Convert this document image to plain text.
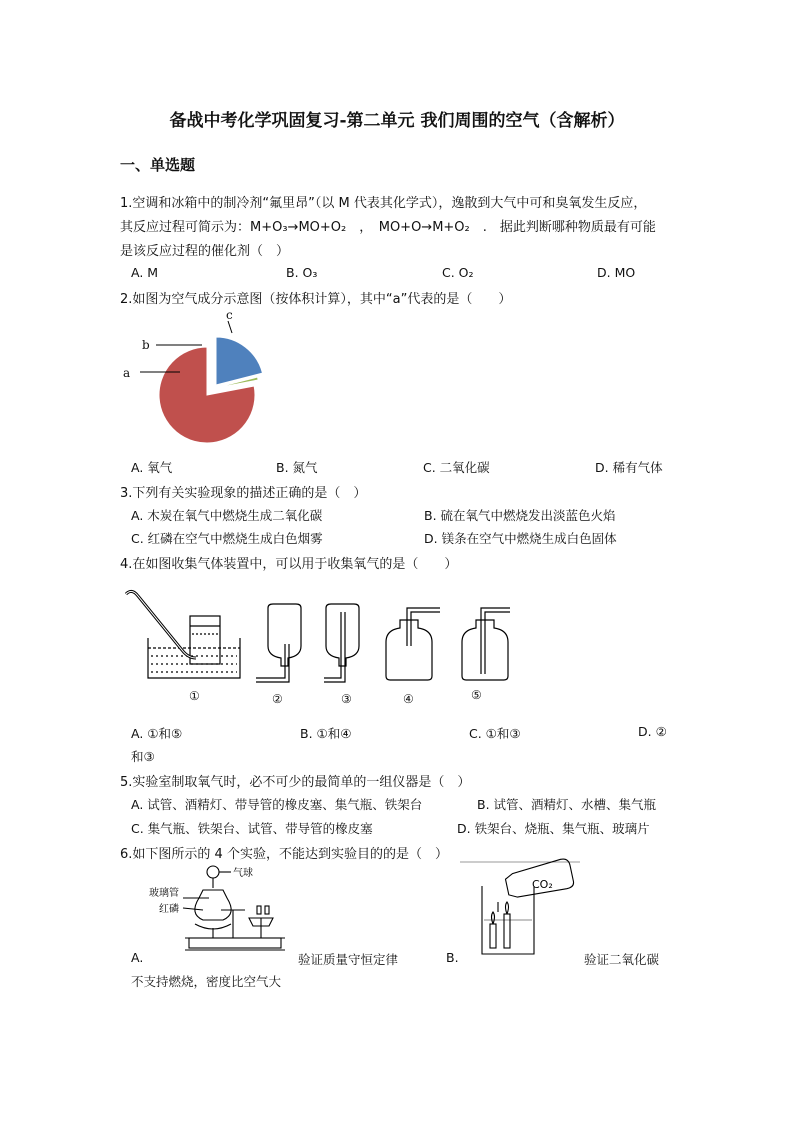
备战中考化学巩固复习-第二单元 我们周围的空气（含解析）
一、单选题
1.空调和冰箱中的制冷剂“氟里昂”（以 M 代表其化学式），逸散到大气中可和臭氧发生反应，
其反应过程可简示为：M+O₃→MO+O₂　，　MO+O→M+O₂　.　据此判断哪种物质最有可能
是该反应过程的催化剂（　）
A. M	B. O₃	C. O₂	D. MO
2.如图为空气成分示意图（按体积计算），其中“a”代表的是（　　）
a
b
c
A. 氧气	B. 氮气	C. 二氧化碳	D. 稀有气体
3.下列有关实验现象的描述正确的是（　）
A. 木炭在氧气中燃烧生成二氧化碳	B. 硫在氧气中燃烧发出淡蓝色火焰
C. 红磷在空气中燃烧生成白色烟雾	D. 镁条在空气中燃烧生成白色固体
4.在如图收集气体装置中，可以用于收集氧气的是（　　）
①	②	③	④	⑤
A. ①和⑤	B. ①和④	C. ①和③	D. ②
和③
5.实验室制取氧气时，必不可少的最简单的一组仪器是（　）
A. 试管、酒精灯、带导管的橡皮塞、集气瓶、铁架台	B. 试管、酒精灯、水槽、集气瓶
C. 集气瓶、铁架台、试管、带导管的橡皮塞	D. 铁架台、烧瓶、集气瓶、玻璃片
6.如下图所示的 4 个实验，不能达到实验目的的是（　）
气球
玻璃管
红磷
CO₂
A.	验证质量守恒定律	B.	验证二氧化碳
不支持燃烧，密度比空气大
